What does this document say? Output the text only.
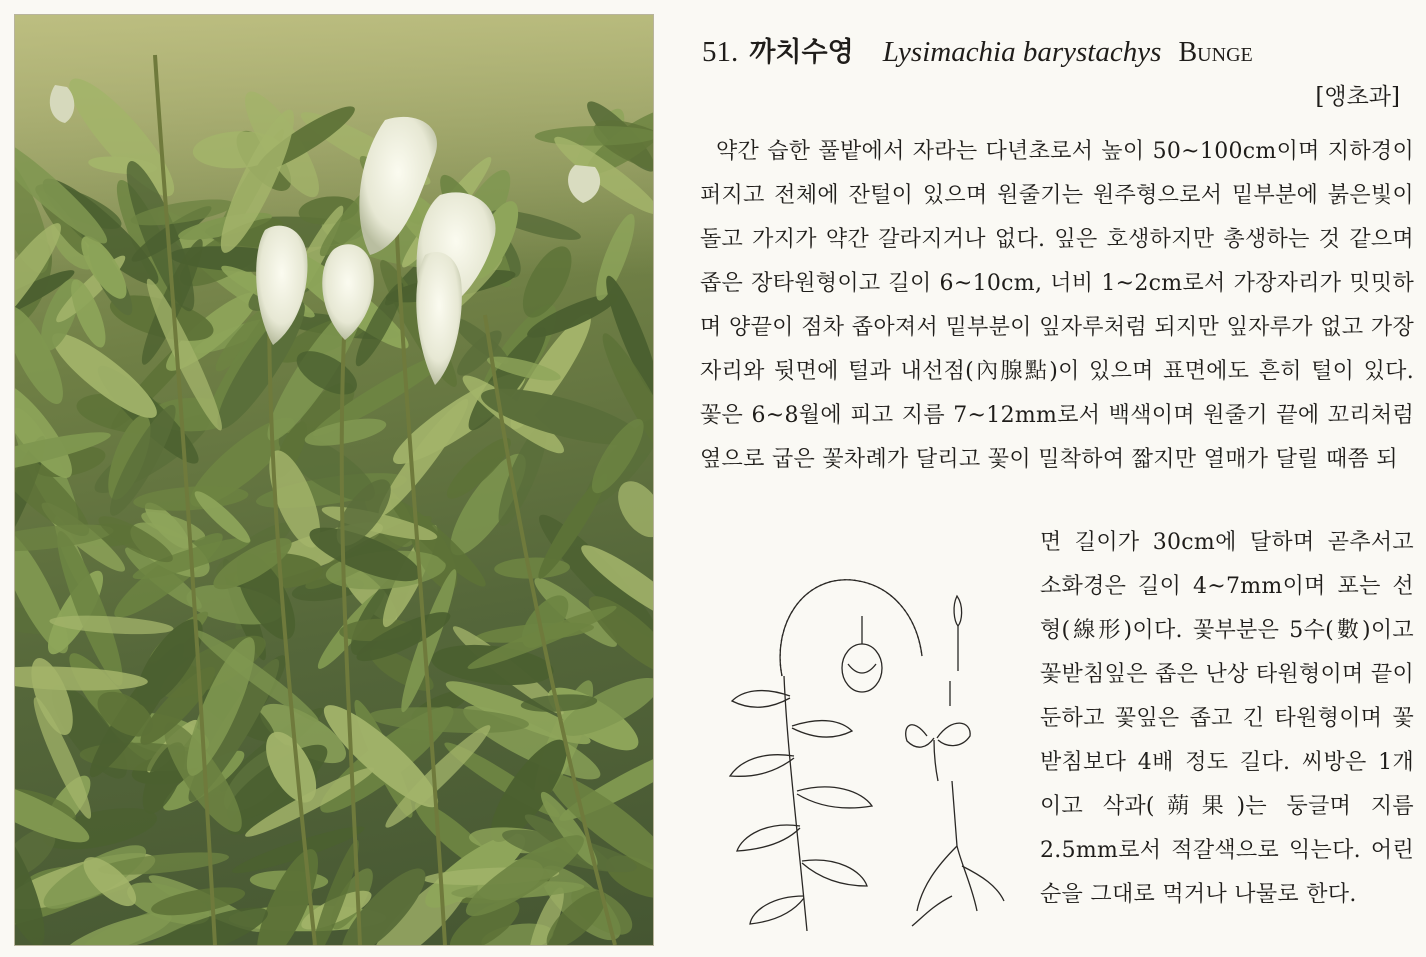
51. 까치수영 Lysimachia barystachys Bunge
[앵초과]
약간 습한 풀밭에서 자라는 다년초로서 높이 50~100cm이며 지하경이 퍼지고 전체에 잔털이 있으며 원줄기는 원주형으로서 밑부분에 붉은빛이 돌고 가지가 약간 갈라지거나 없다. 잎은 호생하지만 총생하는 것 같으며 좁은 장타원형이고 길이 6~10cm, 너비 1~2cm로서 가장자리가 밋밋하며 양끝이 점차 좁아져서 밑부분이 잎자루처럼 되지만 잎자루가 없고 가장자리와 뒷면에 털과 내선점(內腺點)이 있으며 표면에도 흔히 털이 있다. 꽃은 6~8월에 피고 지름 7~12mm로서 백색이며 원줄기 끝에 꼬리처럼 옆으로 굽은 꽃차례가 달리고 꽃이 밀착하여 짧지만 열매가 달릴 때쯤 되
면 길이가 30cm에 달하며 곧추서고 소화경은 길이 4~7mm이며 포는 선형(線形)이다. 꽃부분은 5수(數)이고 꽃받침잎은 좁은 난상 타원형이며 끝이 둔하고 꽃잎은 좁고 긴 타원형이며 꽃받침보다 4배 정도 길다. 씨방은 1개이고 삭과(蒴果)는 둥글며 지름 2.5mm로서 적갈색으로 익는다. 어린 순을 그대로 먹거나 나물로 한다.
